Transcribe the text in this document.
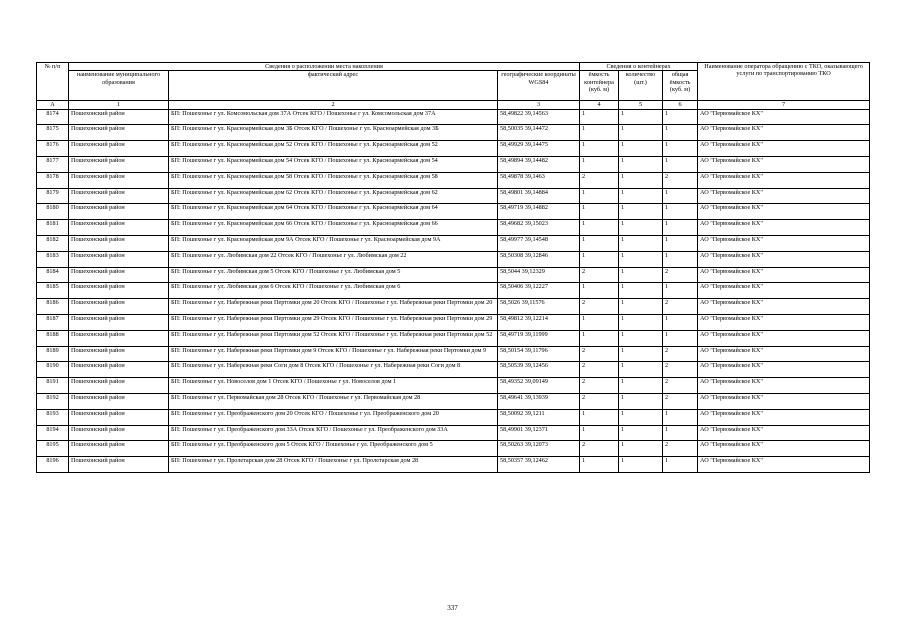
№ п/п	Сведения о расположении места накопления			Сведения о контейнерах			Наименование оператора обращению с ТКО, оказывающего услуги по транспортированию ТКО
	наименование муниципального образования	фактический адрес	географические координаты WGS84	ёмкость контейнера (куб. м)	количество (шт.)	общая ёмкость (куб. м)	
А	1	2	3	4	5	6	7
8174	Пошехонский район	БП: Пошехонье г ул. Комсомольская дом 37А Отсек КГО / Пошехонье г ул. Комсомольская дом 37А	58,49822 39,14563	1	1	1	АО "Первомайское КХ"
8175	Пошехонский район	БП: Пошехонье г ул. Красноармейская дом 3Б Отсек КГО / Пошехонье г ул. Красноармейская дом 3Б	58,50035 39,14472	1	1	1	АО "Первомайское КХ"
8176	Пошехонский район	БП: Пошехонье г ул. Красноармейская дом 52 Отсек КГО / Пошехонье г ул. Красноармейская дом 52	58,49929 39,14475	1	1	1	АО "Первомайское КХ"
8177	Пошехонский район	БП: Пошехонье г ул. Красноармейская дом 54 Отсек КГО / Пошехонье г ул. Красноармейская дом 54	58,49894 39,14482	1	1	1	АО "Первомайское КХ"
8178	Пошехонский район	БП: Пошехонье г ул. Красноармейская дом 58 Отсек КГО / Пошехонье г ул. Красноармейская дом 58	58,49878 39,1463	2	1	2	АО "Первомайское КХ"
8179	Пошехонский район	БП: Пошехонье г ул. Красноармейская дом 62 Отсек КГО / Пошехонье г ул. Красноармейская дом 62	58,49801 39,14884	1	1	1	АО "Первомайское КХ"
8180	Пошехонский район	БП: Пошехонье г ул. Красноармейская дом 64 Отсек КГО / Пошехонье г ул. Красноармейская дом 64	58,49719 39,14882	1	1	1	АО "Первомайское КХ"
8181	Пошехонский район	БП: Пошехонье г ул. Красноармейская дом 66 Отсек КГО / Пошехонье г ул. Красноармейская дом 66	58,49682 39,15023	1	1	1	АО "Первомайское КХ"
8182	Пошехонский район	БП: Пошехонье г ул. Красноармейская дом 9А Отсек КГО / Пошехонье г ул. Красноармейская дом 9А	58,49977 39,14548	1	1	1	АО "Первомайское КХ"
8183	Пошехонский район	БП: Пошехонье г ул. Любимская дом 22 Отсек КГО / Пошехонье г ул. Любимская дом 22	58,50308 39,12846	1	1	1	АО "Первомайское КХ"
8184	Пошехонский район	БП: Пошехонье г ул. Любимская дом 5 Отсек КГО / Пошехонье г ул. Любимская дом 5	58,5044 39,12329	2	1	2	АО "Первомайское КХ"
8185	Пошехонский район	БП: Пошехонье г ул. Любимская дом 6 Отсек КГО / Пошехонье г ул. Любимская дом 6	58,50406 39,12227	1	1	1	АО "Первомайское КХ"
8186	Пошехонский район	БП: Пошехонье г ул. Набережная реки Пертомки дом 20 Отсек КГО / Пошехонье г ул. Набережная реки Пертомки дом 20	58,5026 39,11576	2	1	2	АО "Первомайское КХ"
8187	Пошехонский район	БП: Пошехонье г ул. Набережная реки Пертомки дом 29 Отсек КГО / Пошехонье г ул. Набережная реки Пертомки дом 29	58,49812 39,12214	1	1	1	АО "Первомайское КХ"
8188	Пошехонский район	БП: Пошехонье г ул. Набережная реки Пертомки дом 52 Отсек КГО / Пошехонье г ул. Набережная реки Пертомки дом 52	58,49719 39,11999	1	1	1	АО "Первомайское КХ"
8189	Пошехонский район	БП: Пошехонье г ул. Набережная реки Пертомки дом 9 Отсек КГО / Пошехонье г ул. Набережная реки Пертомки дом 9	58,50154 39,11796	2	1	2	АО "Первомайское КХ"
8190	Пошехонский район	БП: Пошехонье г ул. Набережная реки Соги дом 8 Отсек КГО / Пошехонье г ул. Набережная реки Соги дом 8	58,50539 39,12456	2	1	2	АО "Первомайское КХ"
8191	Пошехонский район	БП: Пошехонье г ул. Новоселов дом 1 Отсек КГО / Пошехонье г ул. Новоселов дом 1	58,49352 39,09149	2	1	2	АО "Первомайское КХ"
8192	Пошехонский район	БП: Пошехонье г ул. Первомайская дом 28 Отсек КГО / Пошехонье г ул. Первомайская дом 28	58,49641 39,13939	2	1	2	АО "Первомайское КХ"
8193	Пошехонский район	БП: Пошехонье г ул. Преображенского дом 20 Отсек КГО / Пошехонье г ул. Преображенского дом 20	58,50092 39,1211	1	1	1	АО "Первомайское КХ"
8194	Пошехонский район	БП: Пошехонье г ул. Преображенского дом 33А Отсек КГО / Пошехонье г ул. Преображенского дом 33А	58,49901 39,12371	1	1	1	АО "Первомайское КХ"
8195	Пошехонский район	БП: Пошехонье г ул. Преображенского дом 5 Отсек КГО / Пошехонье г ул. Преображенского дом 5	58,50263 39,12073	2	1	2	АО "Первомайское КХ"
8196	Пошехонский район	БП: Пошехонье г ул. Пролетарская дом 28 Отсек КГО / Пошехонье г ул. Пролетарская дом 28	58,50357 39,12462	1	1	1	АО "Первомайское КХ"
337
